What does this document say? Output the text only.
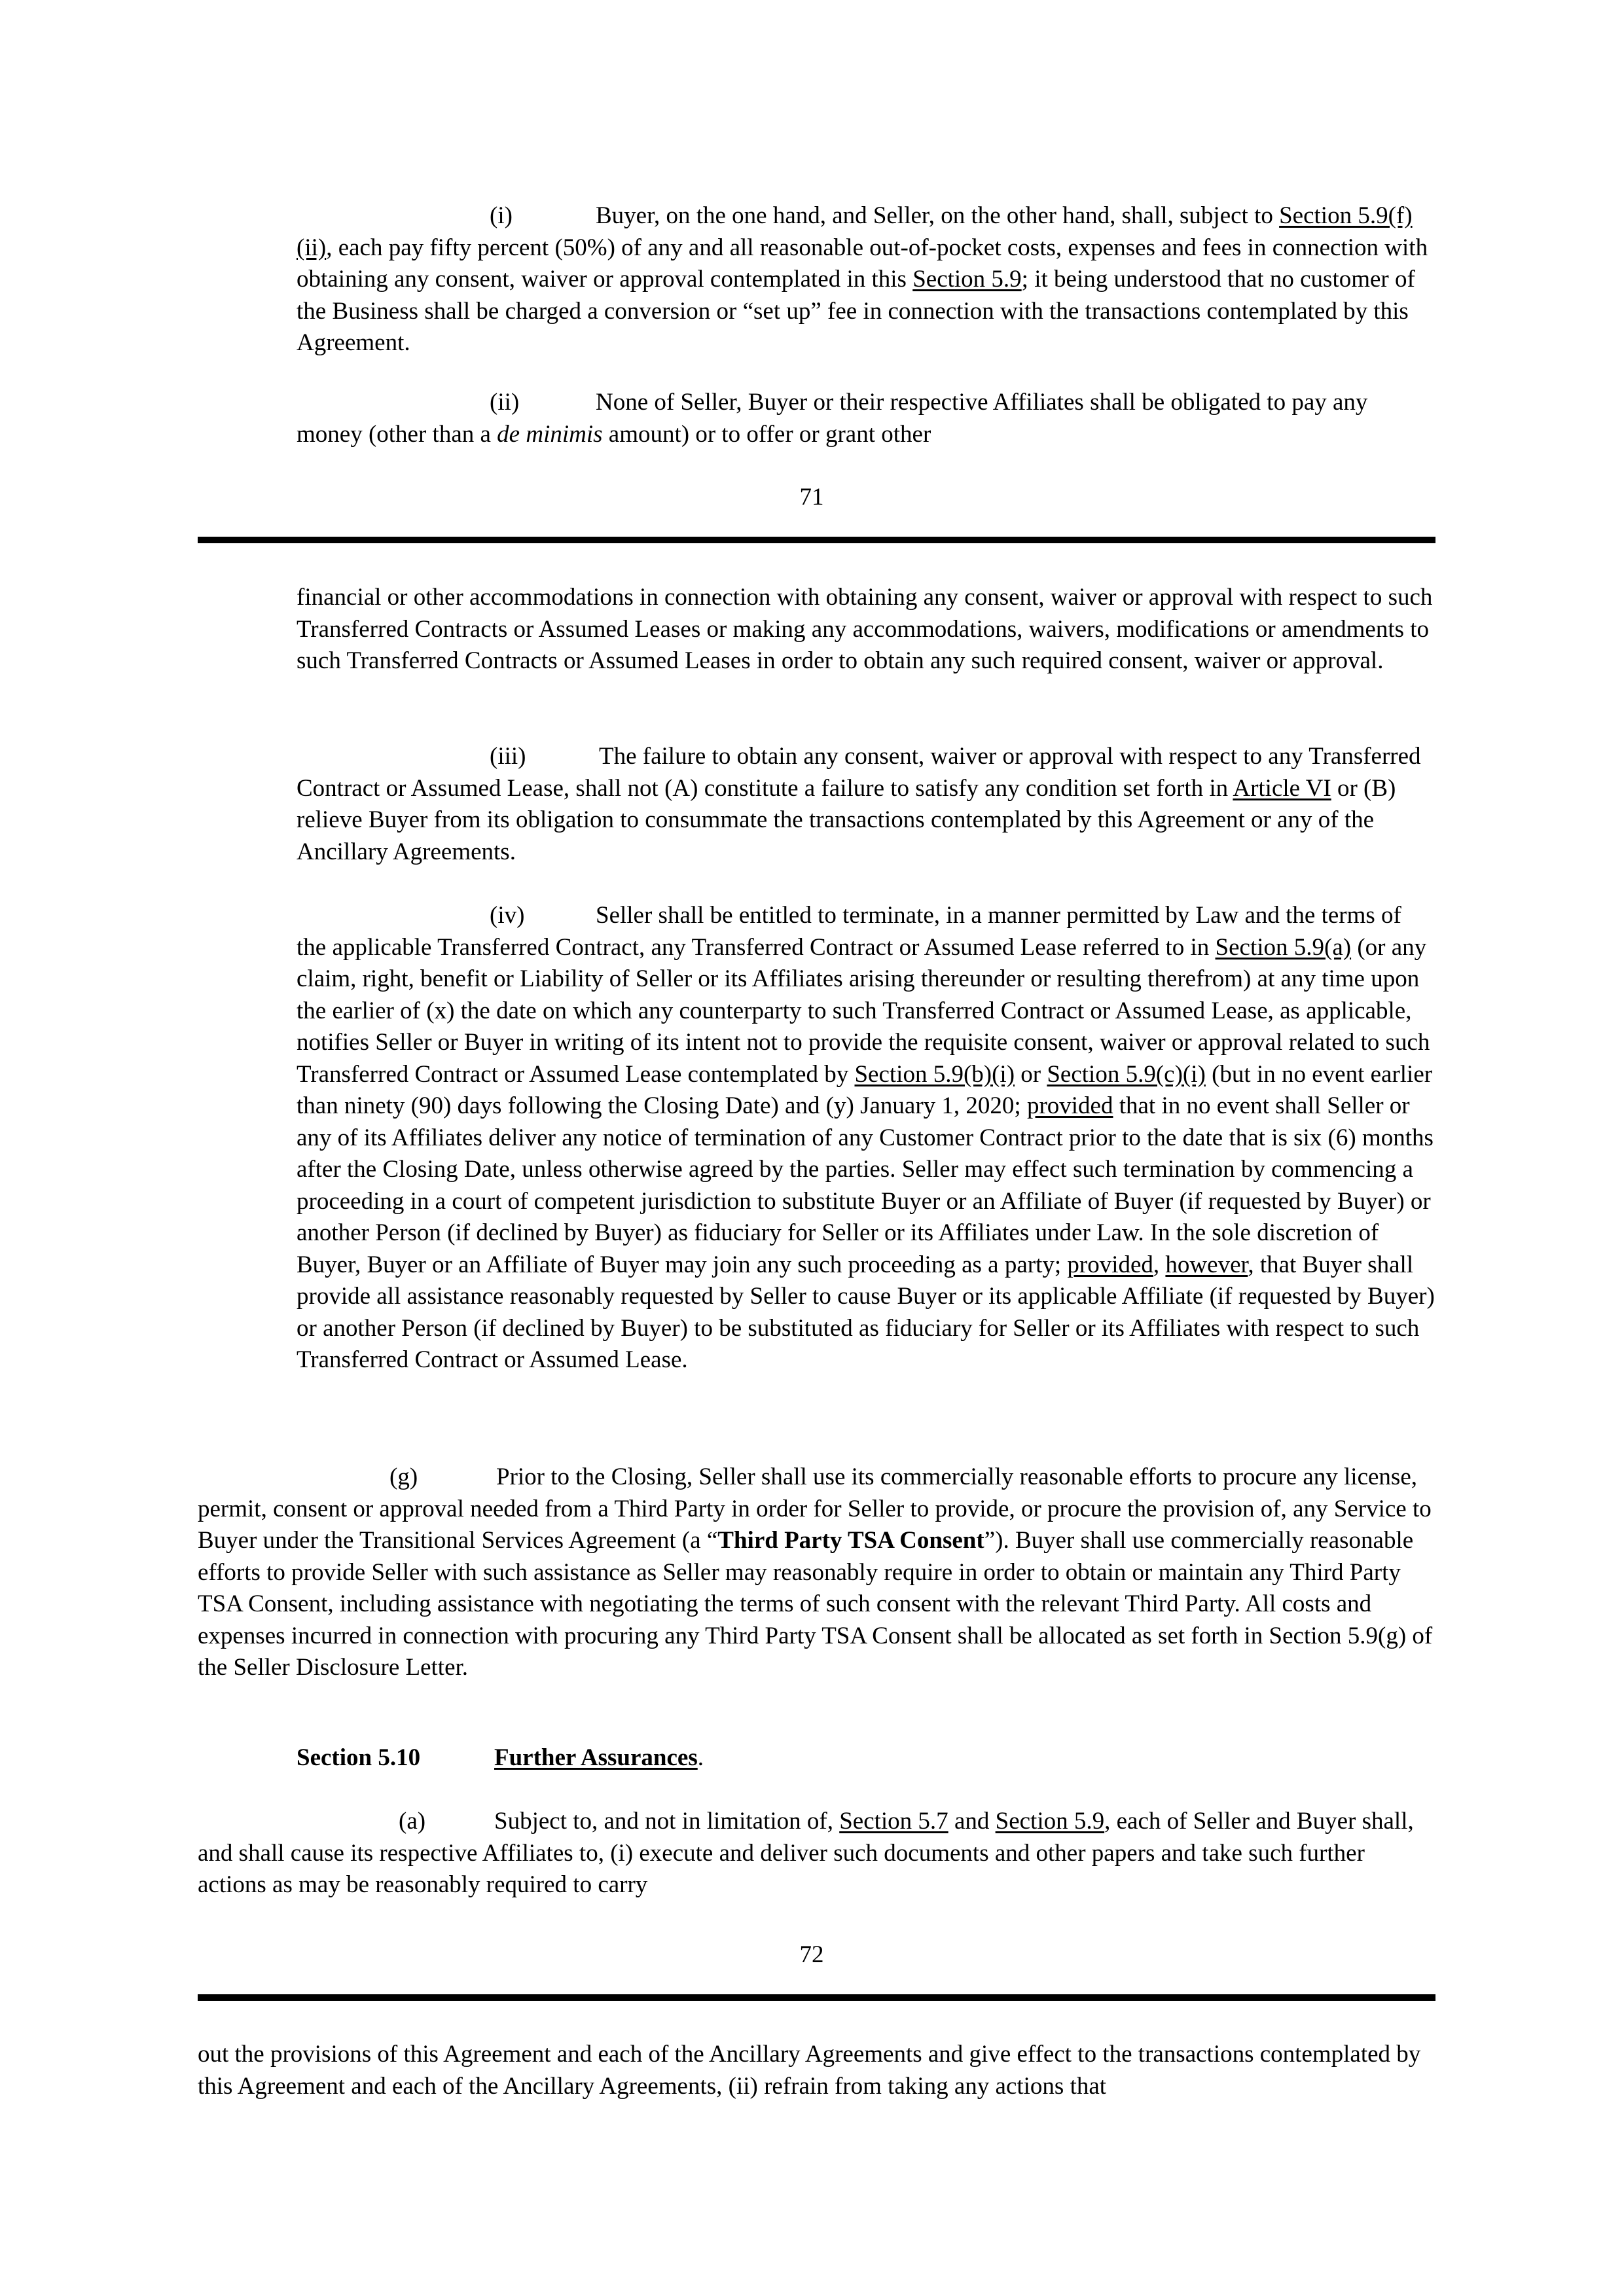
(i)	Buyer, on the one hand, and Seller, on the other hand, shall, subject to Section 5.9(f)(ii), each pay fifty percent (50%) of any and all reasonable out-of-pocket costs, expenses and fees in connection with obtaining any consent, waiver or approval contemplated in this Section 5.9; it being understood that no customer of the Business shall be charged a conversion or “set up” fee in connection with the transactions contemplated by this Agreement.
(ii)	None of Seller, Buyer or their respective Affiliates shall be obligated to pay any money (other than a de minimis amount) or to offer or grant other
71
financial or other accommodations in connection with obtaining any consent, waiver or approval with respect to such Transferred Contracts or Assumed Leases or making any accommodations, waivers, modifications or amendments to such Transferred Contracts or Assumed Leases in order to obtain any such required consent, waiver or approval.
(iii)	The failure to obtain any consent, waiver or approval with respect to any Transferred Contract or Assumed Lease, shall not (A) constitute a failure to satisfy any condition set forth in Article VI or (B) relieve Buyer from its obligation to consummate the transactions contemplated by this Agreement or any of the Ancillary Agreements.
(iv)	Seller shall be entitled to terminate, in a manner permitted by Law and the terms of the applicable Transferred Contract, any Transferred Contract or Assumed Lease referred to in Section 5.9(a) (or any claim, right, benefit or Liability of Seller or its Affiliates arising thereunder or resulting therefrom) at any time upon the earlier of (x) the date on which any counterparty to such Transferred Contract or Assumed Lease, as applicable, notifies Seller or Buyer in writing of its intent not to provide the requisite consent, waiver or approval related to such Transferred Contract or Assumed Lease contemplated by Section 5.9(b)(i) or Section 5.9(c)(i) (but in no event earlier than ninety (90) days following the Closing Date) and (y) January 1, 2020; provided that in no event shall Seller or any of its Affiliates deliver any notice of termination of any Customer Contract prior to the date that is six (6) months after the Closing Date, unless otherwise agreed by the parties. Seller may effect such termination by commencing a proceeding in a court of competent jurisdiction to substitute Buyer or an Affiliate of Buyer (if requested by Buyer) or another Person (if declined by Buyer) as fiduciary for Seller or its Affiliates under Law. In the sole discretion of Buyer, Buyer or an Affiliate of Buyer may join any such proceeding as a party; provided, however, that Buyer shall provide all assistance reasonably requested by Seller to cause Buyer or its applicable Affiliate (if requested by Buyer) or another Person (if declined by Buyer) to be substituted as fiduciary for Seller or its Affiliates with respect to such Transferred Contract or Assumed Lease.
(g)	Prior to the Closing, Seller shall use its commercially reasonable efforts to procure any license, permit, consent or approval needed from a Third Party in order for Seller to provide, or procure the provision of, any Service to Buyer under the Transitional Services Agreement (a “Third Party TSA Consent”). Buyer shall use commercially reasonable efforts to provide Seller with such assistance as Seller may reasonably require in order to obtain or maintain any Third Party TSA Consent, including assistance with negotiating the terms of such consent with the relevant Third Party. All costs and expenses incurred in connection with procuring any Third Party TSA Consent shall be allocated as set forth in Section 5.9(g) of the Seller Disclosure Letter.
Section 5.10	Further Assurances.
(a)	Subject to, and not in limitation of, Section 5.7 and Section 5.9, each of Seller and Buyer shall, and shall cause its respective Affiliates to, (i) execute and deliver such documents and other papers and take such further actions as may be reasonably required to carry
72
out the provisions of this Agreement and each of the Ancillary Agreements and give effect to the transactions contemplated by this Agreement and each of the Ancillary Agreements, (ii) refrain from taking any actions that
